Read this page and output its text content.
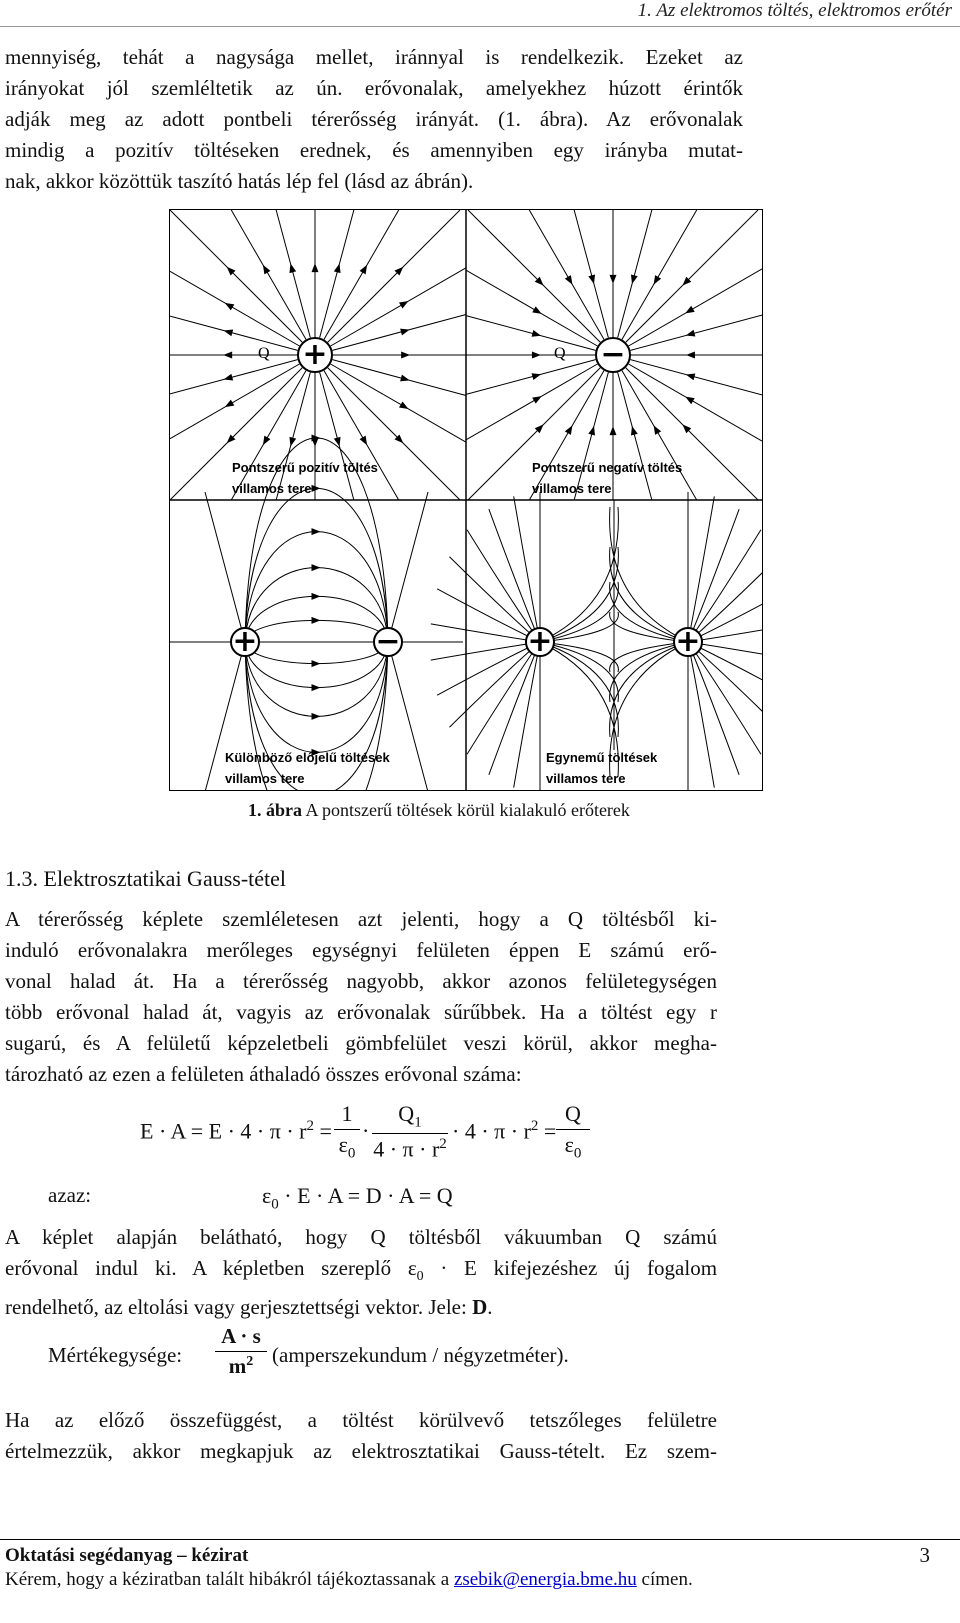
1. Az elektromos töltés, elektromos erőtér
mennyiség, tehát a nagysága mellet, iránnyal is rendelkezik. Ezeket az
irányokat jól szemléltetik az ún. erővonalak, amelyekhez húzott érintők
adják meg az adott pontbeli térerősség irányát. (1. ábra). Az erővonalak
mindig a pozitív töltéseken erednek, és amennyiben egy irányba mutat-
nak, akkor közöttük taszító hatás lép fel (lásd az ábrán).
+	−
+	−	+	+
Q	Q
Pontszerű pozitív töltés
villamos tere
Pontszerű negatív töltés
villamos tere
Különböző előjelű töltések
villamos tere
Egynemű töltések
villamos tere
1. ábra A pontszerű töltések körül kialakuló erőterek
1.3. Elektrosztatikai Gauss-tétel
A térerősség képlete szemléletesen azt jelenti, hogy a Q töltésből ki-
induló erővonalakra merőleges egységnyi felületen éppen E számú erő-
vonal halad át. Ha a térerősség nagyobb, akkor azonos felületegységen
több erővonal halad át, vagyis az erővonalak sűrűbbek. Ha a töltést egy r
sugarú, és A felületű képzeletbeli gömbfelület veszi körül, akkor megha-
tározható az ezen a felületen áthaladó összes erővonal száma:
$E \cdot A = E \cdot 4 \cdot \pi \cdot r^2$ =
1
$\varepsilon_0$
·
$Q_1$
$4 \cdot \pi \cdot r^2$
· $4 \cdot \pi \cdot r^2$ =
Q
$\varepsilon_0$
azaz:	$\varepsilon_0 \cdot E \cdot A = D \cdot A = Q$
A képlet alapján belátható, hogy Q töltésből vákuumban Q számú
erővonal indul ki. A képletben szereplő $\varepsilon_0 \cdot E$ kifejezéshez új fogalom
rendelhető, az eltolási vagy gerjesztettségi vektor. Jele: D.
Mértékegysége:
A · s
$m^2$ (amperszekundum / négyzetméter).
Ha az előző összefüggést, a töltést körülvevő tetszőleges felületre
értelmezzük, akkor megkapjuk az elektrosztatikai Gauss-tételt. Ez szem-
Oktatási segédanyag – kézirat	3
Kérem, hogy a kéziratban talált hibákról tájékoztassanak a zsebik@energia.bme.hu címen.
